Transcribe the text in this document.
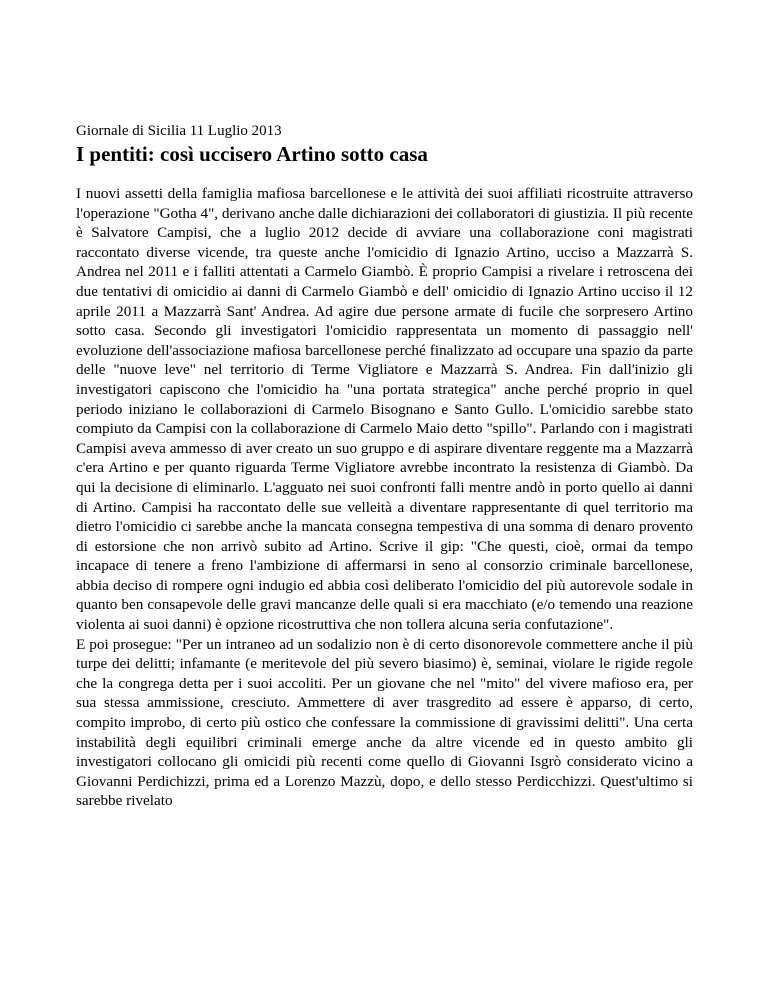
Giornale di Sicilia 11 Luglio 2013

I pentiti: così uccisero Artino sotto casa

I nuovi assetti della famiglia mafiosa barcellonese e le attività dei suoi affiliati ricostruite attraverso l'operazione "Gotha 4", derivano anche dalle dichiarazioni dei collaboratori di giustizia. Il più recente è Salvatore Campisi, che a luglio 2012 decide di avviare una collaborazione coni magistrati raccontato diverse vicende, tra queste anche l'omicidio di Ignazio Artino, ucciso a Mazzarrà S. Andrea nel 2011 e i falliti attentati a Carmelo Giambò. È proprio Campisi a rivelare i retroscena dei due tentativi di omicidio ai danni di Carmelo Giambò e dell' omicidio di Ignazio Artino ucciso il 12 aprile 2011 a Mazzarrà Sant' Andrea. Ad agire due persone armate di fucile che sorpresero Artino sotto casa. Secondo gli investigatori l'omicidio rappresentata un momento di passaggio nell' evoluzione dell'associazione mafiosa barcellonese perché finalizzato ad occupare una spazio da parte delle "nuove leve" nel territorio di Terme Vigliatore e Mazzarrà S. Andrea. Fin dall'inizio gli investigatori capiscono che l'omicidio ha "una portata strategica" anche perché proprio in quel periodo iniziano le collaborazioni di Carmelo Bisognano e Santo Gullo. L'omicidio sarebbe stato compiuto da Campisi con la collaborazione di Carmelo Maio detto "spillo". Parlando con i magistrati Campisi aveva ammesso di aver creato un suo gruppo e di aspirare diventare reggente ma a Mazzarrà c'era Artino e per quanto riguarda Terme Vigliatore avrebbe incontrato la resistenza di Giambò. Da qui la decisione di eliminarlo. L'agguato nei suoi confronti falli mentre andò in porto quello ai danni di Artino. Campisi ha raccontato delle sue velleità a diventare rappresentante di quel territorio ma dietro l'omicidio ci sarebbe anche la mancata consegna tempestiva di una somma di denaro provento di estorsione che non arrivò subito ad Artino. Scrive il gip: "Che questi, cioè, ormai da tempo incapace di tenere a freno l'ambizione di affermarsi in seno al consorzio criminale barcellonese, abbia deciso di rompere ogni indugio ed abbia così deliberato l'omicidio del più autorevole sodale in quanto ben consapevole delle gravi mancanze delle quali si era macchiato (e/o temendo una reazione violenta ai suoi danni) è opzione ricostruttiva che non tollera alcuna seria confutazione".

E poi prosegue: "Per un intraneo ad un sodalizio non è di certo disonorevole commettere anche il più turpe dei delitti; infamante (e meritevole del più severo biasimo) è, seminai, violare le rigide regole che la congrega detta per i suoi accoliti. Per un giovane che nel "mito" del vivere mafioso era, per sua stessa ammissione, cresciuto. Ammettere di aver trasgredito ad essere è apparso, di certo, compito improbo, di certo più ostico che confessare la commissione di gravissimi delitti". Una certa instabilità degli equilibri criminali emerge anche da altre vicende ed in questo ambito gli investigatori collocano gli omicidi più recenti come quello di Giovanni Isgrò considerato vicino a Giovanni Perdichizzi, prima ed a Lorenzo Mazzù, dopo, e dello stesso Perdicchizzi. Quest'ultimo si sarebbe rivelato
